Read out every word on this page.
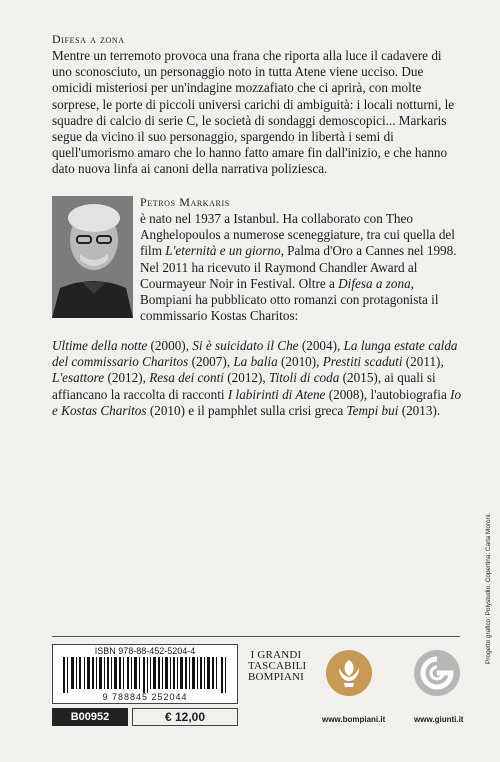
Difesa a zona

Mentre un terremoto provoca una frana che riporta alla luce il cadavere di uno sconosciuto, un personaggio noto in tutta Atene viene ucciso. Due omicidi misteriosi per un'indagine mozzafiato che ci aprirà, con molte sorprese, le porte di piccoli universi carichi di ambiguità: i locali notturni, le squadre di calcio di serie C, le società di sondaggi demoscopici... Markaris segue da vicino il suo personaggio, spargendo in libertà i semi di quell'umorismo amaro che lo hanno fatto amare fin dall'inizio, e che hanno dato nuova linfa ai canoni della narrativa poliziesca.

Petros Markaris

è nato nel 1937 a Istanbul. Ha collaborato con Theo Anghelopoulos a numerose sceneggiature, tra cui quella del film L'eternità e un giorno, Palma d'Oro a Cannes nel 1998. Nel 2011 ha ricevuto il Raymond Chandler Award al Courmayeur Noir in Festival. Oltre a Difesa a zona, Bompiani ha pubblicato otto romanzi con protagonista il commissario Kostas Charitos:

Ultime della notte (2000), Si è suicidato il Che (2004), La lunga estate calda del commissario Charitos (2007), La balia (2010), Prestiti scaduti (2011), L'esattore (2012), Resa dei conti (2012), Titoli di coda (2015), ai quali si affiancano la raccolta di racconti I labirinti di Atene (2008), l'autobiografia Io e Kostas Charitos (2010) e il pamphlet sulla crisi greca Tempi bui (2013).

ISBN 978-88-452-5204-4
9 788845 252044
B00952	€ 12,00
I GRANDI
TASCABILI
BOMPIANI
www.bompiani.it	www.giunti.it
Progetto grafico: Polystudio. Copertina: Carla Moroni.
